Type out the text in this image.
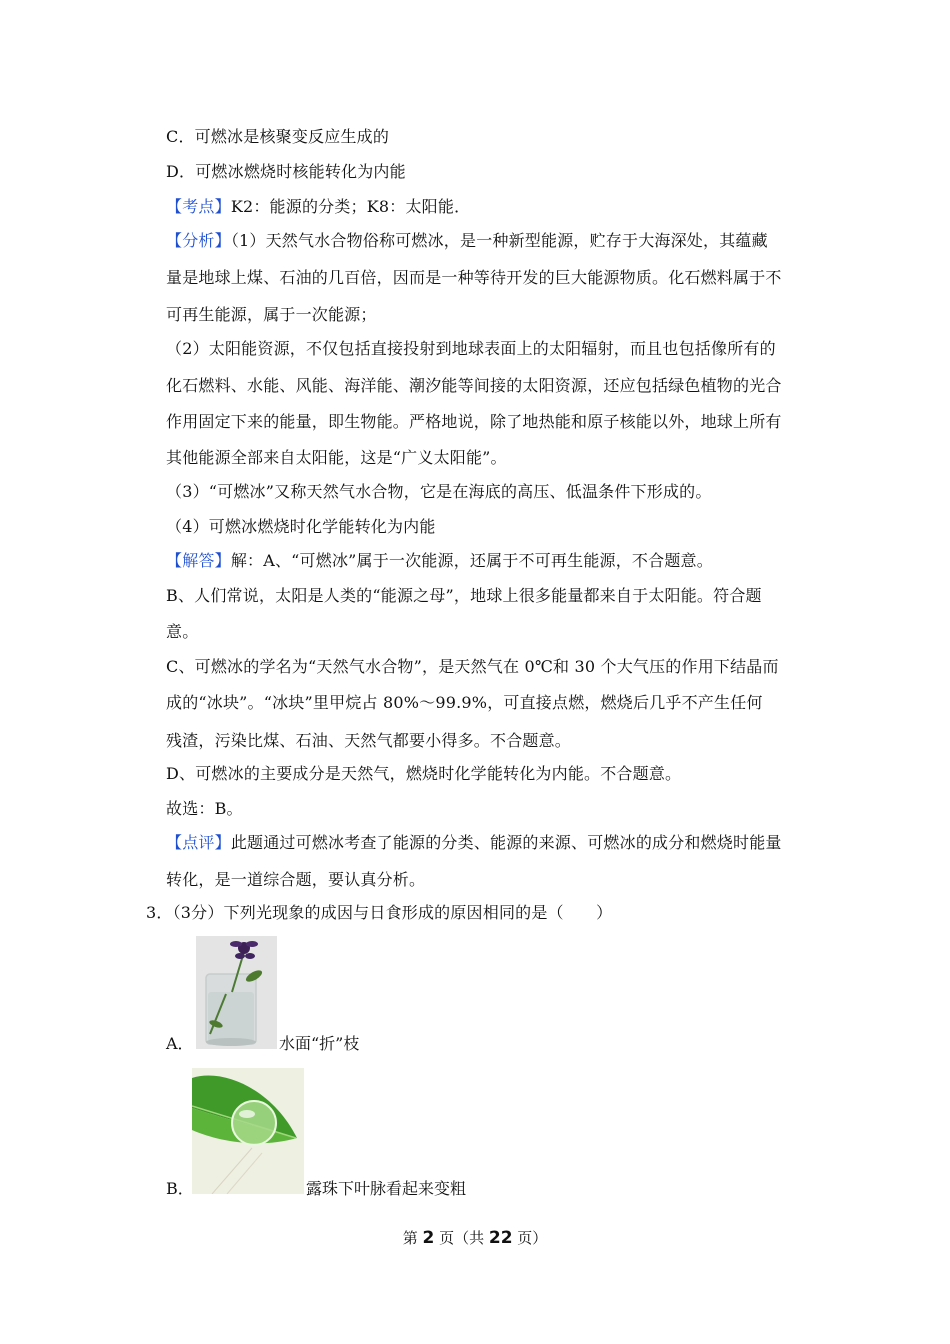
C．可燃冰是核聚变反应生成的
D．可燃冰燃烧时核能转化为内能
【考点】K2：能源的分类；K8：太阳能．
【分析】（1）天然气水合物俗称可燃冰，是一种新型能源，贮存于大海深处，其蕴藏
量是地球上煤、石油的几百倍，因而是一种等待开发的巨大能源物质。化石燃料属于不
可再生能源，属于一次能源；
（2）太阳能资源，不仅包括直接投射到地球表面上的太阳辐射，而且也包括像所有的
化石燃料、水能、风能、海洋能、潮汐能等间接的太阳资源，还应包括绿色植物的光合
作用固定下来的能量，即生物能。严格地说，除了地热能和原子核能以外，地球上所有
其他能源全部来自太阳能，这是“广义太阳能”。
（3）“可燃冰”又称天然气水合物，它是在海底的高压、低温条件下形成的。
（4）可燃冰燃烧时化学能转化为内能
【解答】解：A、“可燃冰”属于一次能源，还属于不可再生能源，不合题意。
B、人们常说，太阳是人类的“能源之母”，地球上很多能量都来自于太阳能。符合题
意。
C、可燃冰的学名为“天然气水合物”，是天然气在 0℃和 30 个大气压的作用下结晶而
成的“冰块”。“冰块”里甲烷占 80%～99.9%，可直接点燃，燃烧后几乎不产生任何
残渣，污染比煤、石油、天然气都要小得多。不合题意。
D、可燃冰的主要成分是天然气，燃烧时化学能转化为内能。不合题意。
故选：B。
【点评】此题通过可燃冰考查了能源的分类、能源的来源、可燃冰的成分和燃烧时能量
转化，是一道综合题，要认真分析。
3．（3分）下列光现象的成因与日食形成的原因相同的是（　　）
A．	水面“折”枝
B．	露珠下叶脉看起来变粗
第 2 页（共 22 页）
